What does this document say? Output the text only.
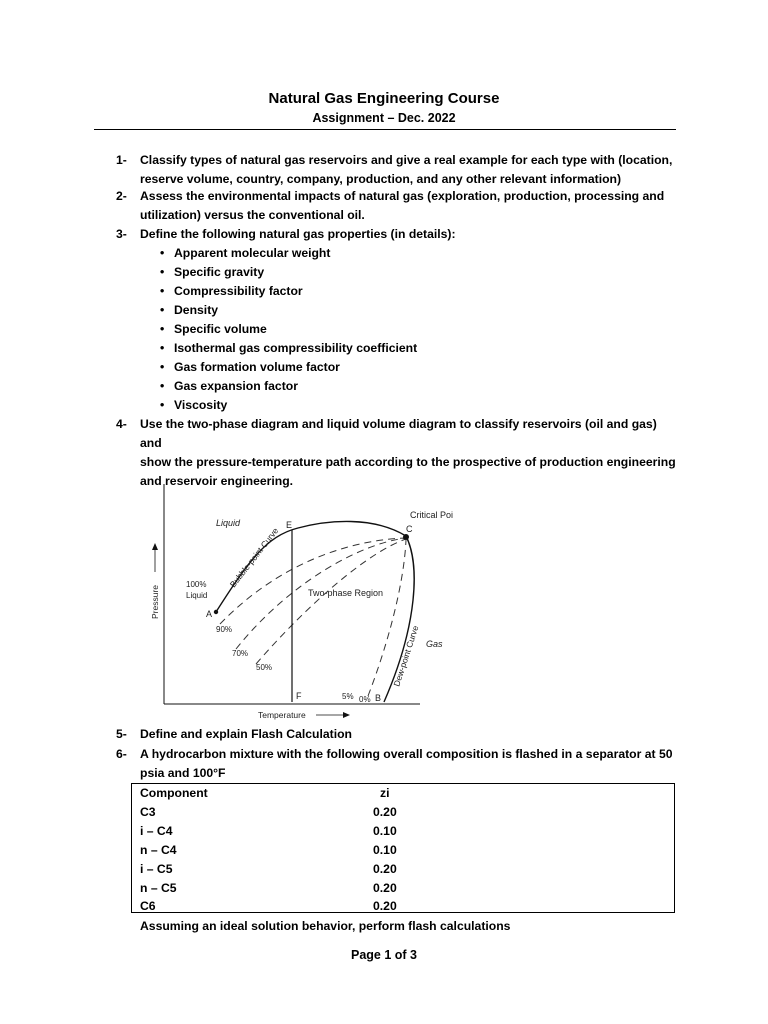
Natural Gas Engineering Course
Assignment – Dec. 2022
1- Classify types of natural gas reservoirs and give a real example for each type with (location,
reserve volume, country, company, production, and any other relevant information)
2- Assess the environmental impacts of natural gas (exploration, production, processing and
utilization) versus the conventional oil.
3- Define the following natural gas properties (in details):
• Apparent molecular weight
• Specific gravity
• Compressibility factor
• Density
• Specific volume
• Isothermal gas compressibility coefficient
• Gas formation volume factor
• Gas expansion factor
• Viscosity
4- Use the two-phase diagram and liquid volume diagram to classify reservoirs (oil and gas) and
show the pressure-temperature path according to the prospective of production engineering
and reservoir engineering.
Pressure
Temperature
Liquid	E
Critical Poi
C
Bubble-point Curve
100%
Liquid
A
90%
70%
50%
Two-phase Region
Dew-point Curve Gas
F	5% 0% B
5- Define and explain Flash Calculation
6- A hydrocarbon mixture with the following overall composition is flashed in a separator at 50
psia and 100°F
Component	zi
C3	0.20
i – C4	0.10
n – C4	0.10
i – C5	0.20
n – C5	0.20
C6	0.20
Assuming an ideal solution behavior, perform flash calculations
Page 1 of 3
